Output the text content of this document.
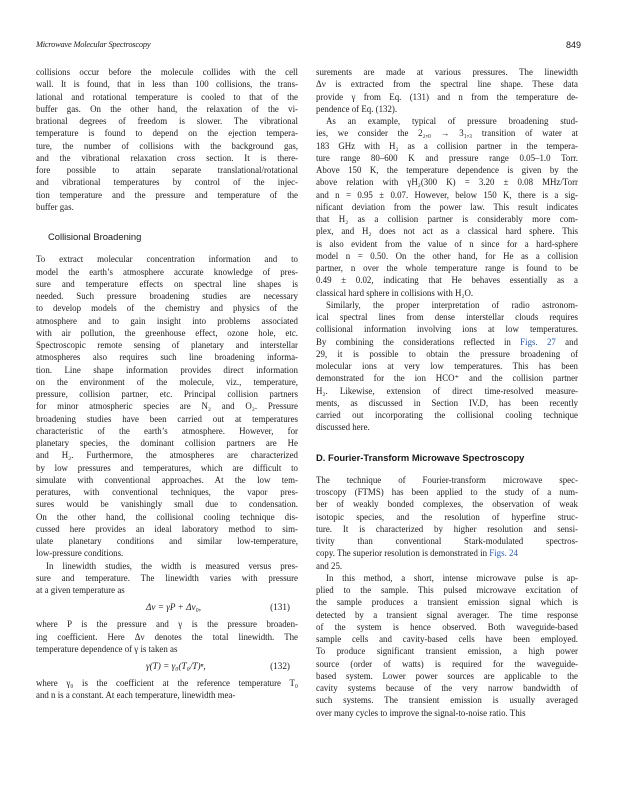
Microwave Molecular Spectroscopy	849
collisions occur before the molecule collides with the cell
wall. It is found, that in less than 100 collisions, the trans-
lational and rotational temperature is cooled to that of the
buffer gas. On the other hand, the relaxation of the vi-
brational degrees of freedom is slower. The vibrational
temperature is found to depend on the ejection tempera-
ture, the number of collisions with the background gas,
and the vibrational relaxation cross section. It is there-
fore possible to attain separate translational/rotational
and vibrational temperatures by control of the injec-
tion temperature and the pressure and temperature of the
buffer gas.
Collisional Broadening
To extract molecular concentration information and to
model the earth’s atmosphere accurate knowledge of pres-
sure and temperature effects on spectral line shapes is
needed. Such pressure broadening studies are necessary
to develop models of the chemistry and physics of the
atmosphere and to gain insight into problems associated
with air pollution, the greenhouse effect, ozone hole, etc.
Spectroscopic remote sensing of planetary and interstellar
atmospheres also requires such line broadening informa-
tion. Line shape information provides direct information
on the environment of the molecule, viz., temperature,
pressure, collision partner, etc. Principal collision partners
for minor atmospheric species are N₂ and O₂. Pressure
broadening studies have been carried out at temperatures
characteristic of the earth’s atmosphere. However, for
planetary species, the dominant collision partners are He
and H₂. Furthermore, the atmospheres are characterized
by low pressures and temperatures, which are difficult to
simulate with conventional approaches. At the low tem-
peratures, with conventional techniques, the vapor pres-
sures would be vanishingly small due to condensation.
On the other hand, the collisional cooling technique dis-
cussed here provides an ideal laboratory method to sim-
ulate planetary conditions and similar low-temperature,
low-pressure conditions.
In linewidth studies, the width is measured versus pres-
sure and temperature. The linewidth varies with pressure
at a given temperature as
Δν = γP + Δν₀,	(131)
where P is the pressure and γ is the pressure broaden-
ing coefficient. Here Δν denotes the total linewidth. The
temperature dependence of γ is taken as
γ(T) = γ₀(T₀/T)ⁿ,	(132)
where γ₀ is the coefficient at the reference temperature T₀
and n is a constant. At each temperature, linewidth mea-
surements are made at various pressures. The linewidth
Δν is extracted from the spectral line shape. These data
provide γ from Eq. (131) and n from the temperature de-
pendence of Eq. (132).
As an example, typical of pressure broadening stud-
ies, we consider the 2₂,₀ → 3₁,₃ transition of water at
183 GHz with H₂ as a collision partner in the tempera-
ture range 80–600 K and pressure range 0.05–1.0 Torr.
Above 150 K, the temperature dependence is given by the
above relation with γH₂(300 K) = 3.20 ± 0.08 MHz/Torr
and n = 0.95 ± 0.07. However, below 150 K, there is a sig-
nificant deviation from the power law. This result indicates
that H₂ as a collision partner is considerably more com-
plex, and H₂ does not act as a classical hard sphere. This
is also evident from the value of n since for a hard-sphere
model n = 0.50. On the other hand, for He as a collision
partner, n over the whole temperature range is found to be
0.49 ± 0.02, indicating that He behaves essentially as a
classical hard sphere in collisions with H₂O.
Similarly, the proper interpretation of radio astronom-
ical spectral lines from dense interstellar clouds requires
collisional information involving ions at low temperatures.
By combining the considerations reflected in Figs. 27 and
29, it is possible to obtain the pressure broadening of
molecular ions at very low temperatures. This has been
demonstrated for the ion HCO⁺ and the collision partner
H₂. Likewise, extension of direct time-resolved measure-
ments, as discussed in Section IV.D, has been recently
carried out incorporating the collisional cooling technique
discussed here.
D. Fourier-Transform Microwave Spectroscopy
The technique of Fourier-transform microwave spec-
troscopy (FTMS) has been applied to the study of a num-
ber of weakly bonded complexes, the observation of weak
isotopic species, and the resolution of hyperfine struc-
ture. It is characterized by higher resolution and sensi-
tivity than conventional Stark-modulated spectros-
copy. The superior resolution is demonstrated in Figs. 24
and 25.
In this method, a short, intense microwave pulse is ap-
plied to the sample. This pulsed microwave excitation of
the sample produces a transient emission signal which is
detected by a transient signal averager. The time response
of the system is hence observed. Both waveguide-based
sample cells and cavity-based cells have been employed.
To produce significant transient emission, a high power
source (order of watts) is required for the waveguide-
based system. Lower power sources are applicable to the
cavity systems because of the very narrow bandwidth of
such systems. The transient emission is usually averaged
over many cycles to improve the signal-to-noise ratio. This
